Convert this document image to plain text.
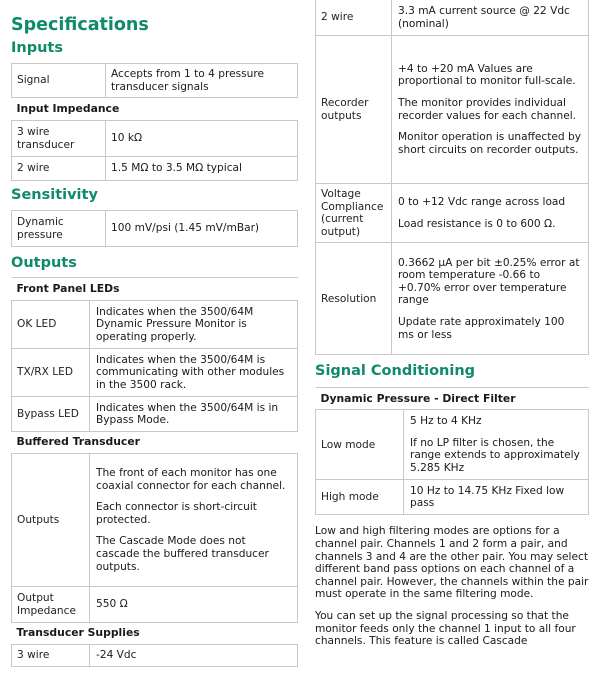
Specifications
Inputs
Signal	Accepts from 1 to 4 pressure transducer signals
Input Impedance	
3 wire transducer	10 kΩ
2 wire	1.5 MΩ to 3.5 MΩ typical
Sensitivity
Dynamic pressure	100 mV/psi (1.45 mV/mBar)
Outputs
Front Panel LEDs	
OK LED	Indicates when the 3500/64M Dynamic Pressure Monitor is operating properly.
TX/RX LED	Indicates when the 3500/64M is communicating with other modules in the 3500 rack.
Bypass LED	Indicates when the 3500/64M is in Bypass Mode.
Buffered Transducer	
Outputs	The front of each monitor has one coaxial connector for each channel.

Each connector is short-circuit protected.

The Cascade Mode does not cascade the buffered transducer outputs.

Output Impedance	550 Ω
Transducer Supplies	
3 wire	-24 Vdc
2 wire	3.3 mA current source @ 22 Vdc (nominal)
Recorder outputs	+4 to +20 mA Values are proportional to monitor full-scale.

The monitor provides individual recorder values for each channel.

Monitor operation is unaffected by short circuits on recorder outputs.

Voltage Compliance (current output)	0 to +12 Vdc range across load

Load resistance is 0 to 600 Ω.

Resolution	0.3662 µA per bit ±0.25% error at room temperature -0.66 to +0.70% error over temperature range

Update rate approximately 100 ms or less

Signal Conditioning
Dynamic Pressure - Direct Filter	
Low mode	5 Hz to 4 KHz

If no LP filter is chosen, the range extends to approximately 5.285 KHz

High mode	10 Hz to 14.75 KHz Fixed low pass

Low and high filtering modes are options for a channel pair. Channels 1 and 2 form a pair, and channels 3 and 4 are the other pair. You may select different band pass options on each channel of a channel pair. However, the channels within the pair must operate in the same filtering mode.

You can set up the signal processing so that the monitor feeds only the channel 1 input to all four channels. This feature is called Cascade
